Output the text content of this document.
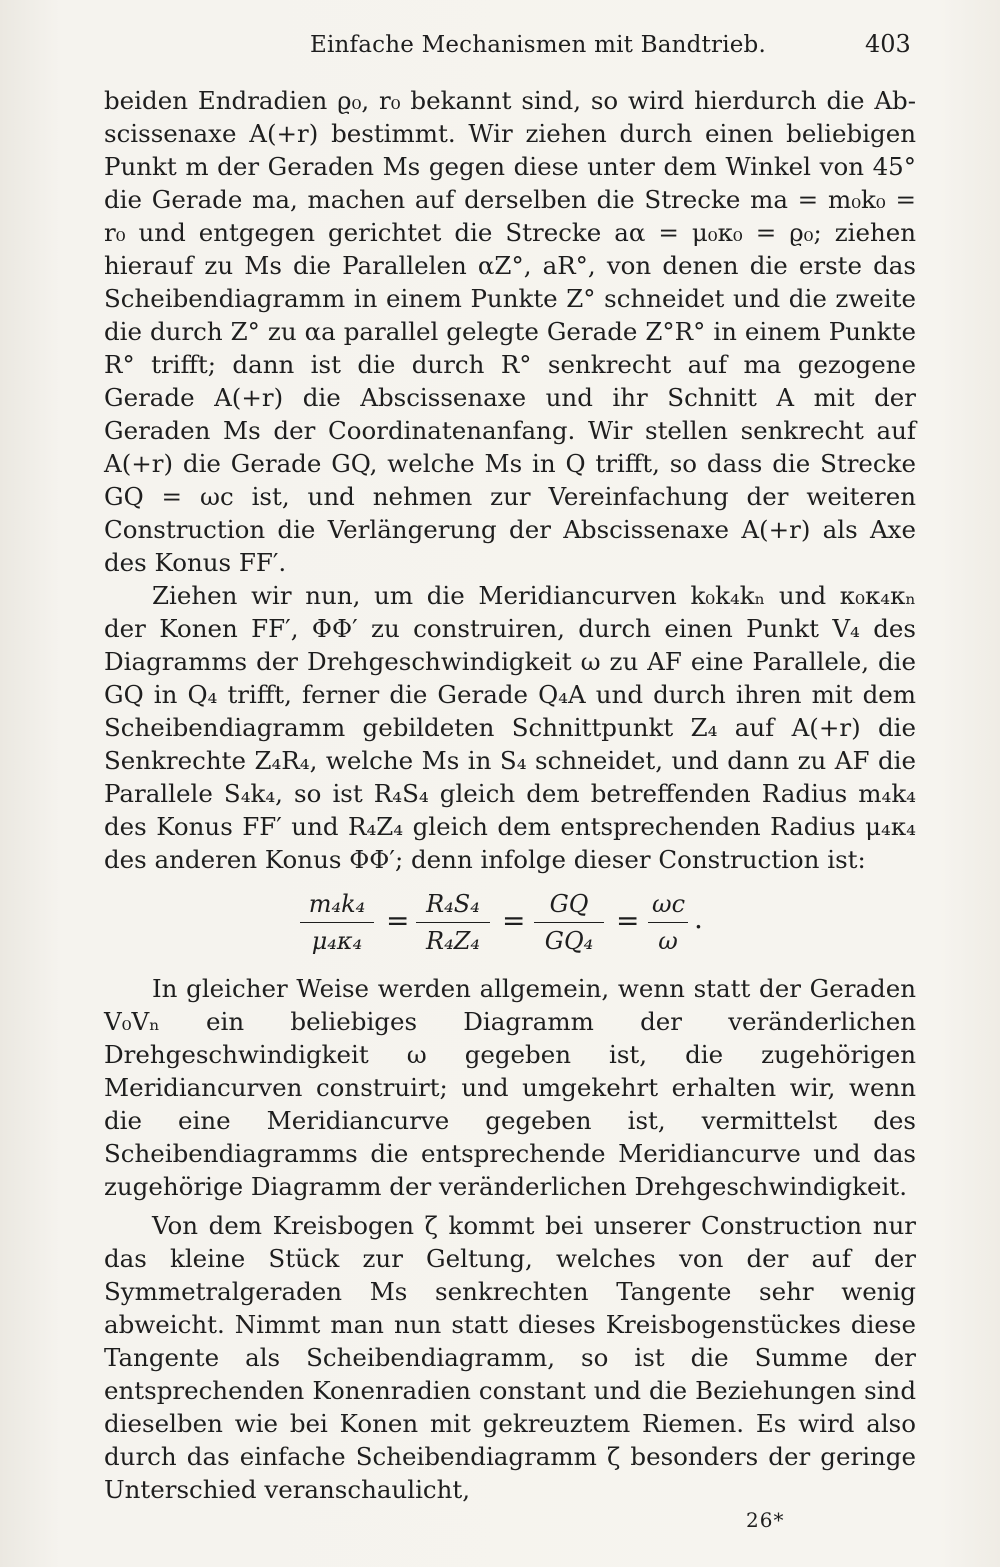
Einfache Mechanismen mit Bandtrieb.	403

beiden Endradien ϱ₀, r₀ bekannt sind, so wird hierdurch die Abscissenaxe A(+r) bestimmt. Wir ziehen durch einen beliebigen Punkt m der Geraden Ms gegen diese unter dem Winkel von 45° die Gerade ma, machen auf derselben die Strecke ma = m₀k₀ = r₀ und entgegen gerichtet die Strecke aα = μ₀κ₀ = ϱ₀; ziehen hierauf zu Ms die Parallelen αZ°, aR°, von denen die erste das Scheibendiagramm in einem Punkte Z° schneidet und die zweite die durch Z° zu αa parallel gelegte Gerade Z°R° in einem Punkte R° trifft; dann ist die durch R° senkrecht auf ma gezogene Gerade A(+r) die Abscissenaxe und ihr Schnitt A mit der Geraden Ms der Coordinatenanfang. Wir stellen senkrecht auf A(+r) die Gerade GQ, welche Ms in Q trifft, so dass die Strecke GQ = ωc ist, und nehmen zur Vereinfachung der weiteren Construction die Verlängerung der Abscissenaxe A(+r) als Axe des Konus FF′.

Ziehen wir nun, um die Meridiancurven k₀k₄kₙ und κ₀κ₄κₙ der Konen FF′, ΦΦ′ zu construiren, durch einen Punkt V₄ des Diagramms der Drehgeschwindigkeit ω zu AF eine Parallele, die GQ in Q₄ trifft, ferner die Gerade Q₄A und durch ihren mit dem Scheibendiagramm gebildeten Schnittpunkt Z₄ auf A(+r) die Senkrechte Z₄R₄, welche Ms in S₄ schneidet, und dann zu AF die Parallele S₄k₄, so ist R₄S₄ gleich dem betreffenden Radius m₄k₄ des Konus FF′ und R₄Z₄ gleich dem entsprechenden Radius μ₄κ₄ des anderen Konus ΦΦ′; denn infolge dieser Construction ist:

$\frac{\text{m₄k₄}}{\text{μ₄κ₄}} = \frac{\text{R₄S₄}}{\text{R₄Z₄}} = \frac{GQ}{\text{GQ₄}} = \frac{\omega c}{\omega}$ .

In gleicher Weise werden allgemein, wenn statt der Geraden V₀Vₙ ein beliebiges Diagramm der veränderlichen Drehgeschwindigkeit ω gegeben ist, die zugehörigen Meridiancurven construirt; und umgekehrt erhalten wir, wenn die eine Meridiancurve gegeben ist, vermittelst des Scheibendiagramms die entsprechende Meridiancurve und das zugehörige Diagramm der veränderlichen Drehgeschwindigkeit.

Von dem Kreisbogen ζ kommt bei unserer Construction nur das kleine Stück zur Geltung, welches von der auf der Symmetralgeraden Ms senkrechten Tangente sehr wenig abweicht. Nimmt man nun statt dieses Kreisbogenstückes diese Tangente als Scheibendiagramm, so ist die Summe der entsprechenden Konenradien constant und die Beziehungen sind dieselben wie bei Konen mit gekreuztem Riemen. Es wird also durch das einfache Scheibendiagramm ζ besonders der geringe Unterschied veranschaulicht,

26*
